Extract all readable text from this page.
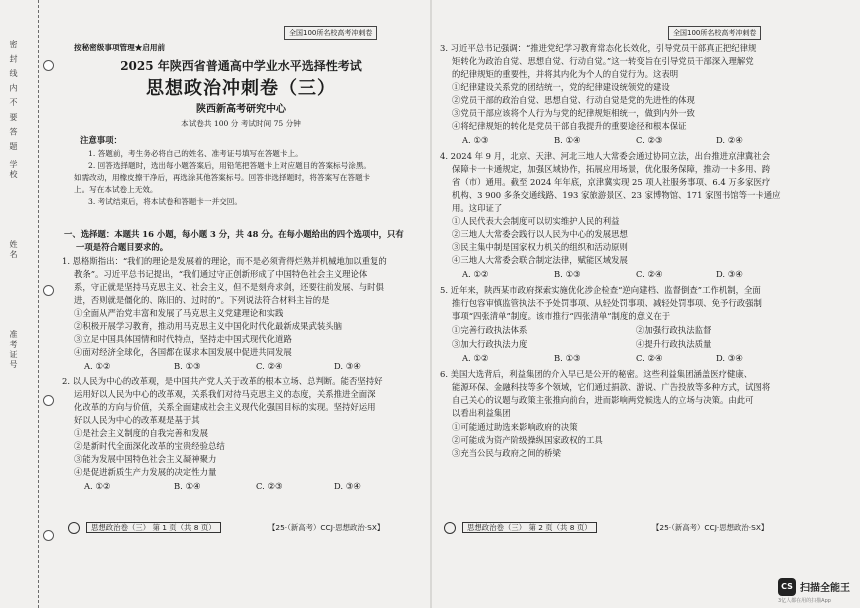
密 封 线 内 不 要 答 题
学校
姓名
准考证号
全国100所名校高考冲刺卷
按秘密级事项管理★启用前
2025 年陕西省普通高中学业水平选择性考试
思想政治冲刺卷（三）
陕西新高考研究中心
本试卷共 100 分 考试时间 75 分钟
注意事项：
1. 答题前，考生务必将自己的姓名、准考证号填写在答题卡上。
2. 回答选择题时，选出每小题答案后，用铅笔把答题卡上对应题目的答案标号涂黑。
如需改动，用橡皮擦干净后，再选涂其他答案标号。回答非选择题时，将答案写在答题卡
上。写在本试卷上无效。
3. 考试结束后，将本试卷和答题卡一并交回。
一、选择题：本题共 16 小题，每小题 3 分，共 48 分。在每小题给出的四个选项中，只有
一项是符合题目要求的。
1. 恩格斯指出：“我们的理论是发展着的理论，而不是必须背得烂熟并机械地加以重复的
教条”。习近平总书记提出，“我们通过守正创新形成了中国特色社会主义理论体
系，守正就是坚持马克思主义、社会主义，但不是刻舟求剑，还要往前发展、与时俱
进，否则就是僵化的、陈旧的、过时的”。下列说法符合材料主旨的是
①全面从严治党丰富和发展了马克思主义党建理论和实践
②积极开展学习教育，推动用马克思主义中国化时代化最新成果武装头脑
③立足中国具体国情和时代特点，坚持走中国式现代化道路
④面对经济全球化，各国都在谋求本国发展中促进共同发展
A. ①②	B. ①③	C. ②④	D. ③④
2. 以人民为中心的改革观，是中国共产党人关于改革的根本立场、总判断。能否坚持好
运用好以人民为中心的改革观，关系我们对待马克思主义的态度，关系推进全面深
化改革的方向与价值，关系全面建成社会主义现代化强国目标的实现。坚持好运用
好以人民为中心的改革观是基于其
①是社会主义制度的自我完善和发展
②是新时代全面深化改革的宝贵经验总结
③能为发展中国特色社会主义凝神聚力
④是促进新质生产力发展的决定性力量
A. ①②	B. ①④	C. ②③	D. ③④
思想政治卷（三） 第 1 页（共 8 页）	【25·（新高考）CCJ·思想政治·SX】
全国100所名校高考冲刺卷
3. 习近平总书记强调：“推进党纪学习教育常态化长效化，引导党员干部真正把纪律规
矩转化为政治自觉、思想自觉、行动自觉。”这一转变旨在引导党员干部深入理解党
的纪律规矩的重要性，并将其内化为个人的自觉行为。这表明
①纪律建设关系党的团结统一，党的纪律建设统领党的建设
②党员干部的政治自觉、思想自觉、行动自觉是党的先进性的体现
③党员干部应该将个人行为与党的纪律规矩相统一，做到内外一致
④将纪律规矩的转化是党员干部自我提升的重要途径和根本保证
A. ①③	B. ①④	C. ②③	D. ②④
4. 2024 年 9 月，北京、天津、河北三地人大常委会通过协同立法，出台推进京津冀社会
保障卡一卡通规定，加强区域协作，拓展应用场景，优化服务保障，推动一卡多用、跨
省（市）通用。截至 2024 年年底，京津冀实现 25 项人社服务事项、6.4 万多家医疗
机构、3 900 多条交通线路、193 家旅游景区、23 家博物馆、171 家图书馆等一卡通应
用。这印证了
①人民代表大会制度可以切实维护人民的利益
②三地人大常委会践行以人民为中心的发展思想
③民主集中制是国家权力机关的组织和活动原则
④三地人大常委会联合制定法律，赋能区域发展
A. ①②	B. ①③	C. ②④	D. ③④
5. 近年来，陕西某市政府探索实施优化涉企检查“逆向建档、监督倒查”工作机制，全面
推行包容审慎监管执法不予处罚事项、从轻处罚事项、减轻处罚事项、免予行政强制
事项“四张清单”制度。该市推行“四张清单”制度的意义在于
①完善行政执法体系	②加强行政执法监督
③加大行政执法力度	④提升行政执法质量
A. ①②	B. ①③	C. ②④	D. ③④
6. 美国大选背后，利益集团的介入早已是公开的秘密。这些利益集团涵盖医疗健康、
能源环保、金融科技等多个领域，它们通过捐款、游说、广告投放等多种方式，试图将
自己关心的议题与政策主张推向前台，进而影响两党候选人的立场与决策。由此可
以看出利益集团
①可能通过助选来影响政府的决策
②可能成为资产阶级操纵国家政权的工具
③充当公民与政府之间的桥梁
思想政治卷（三） 第 2 页（共 8 页）	【25·（新高考）CCJ·思想政治·SX】
CS 扫描全能王
3亿人都在用的扫描App
